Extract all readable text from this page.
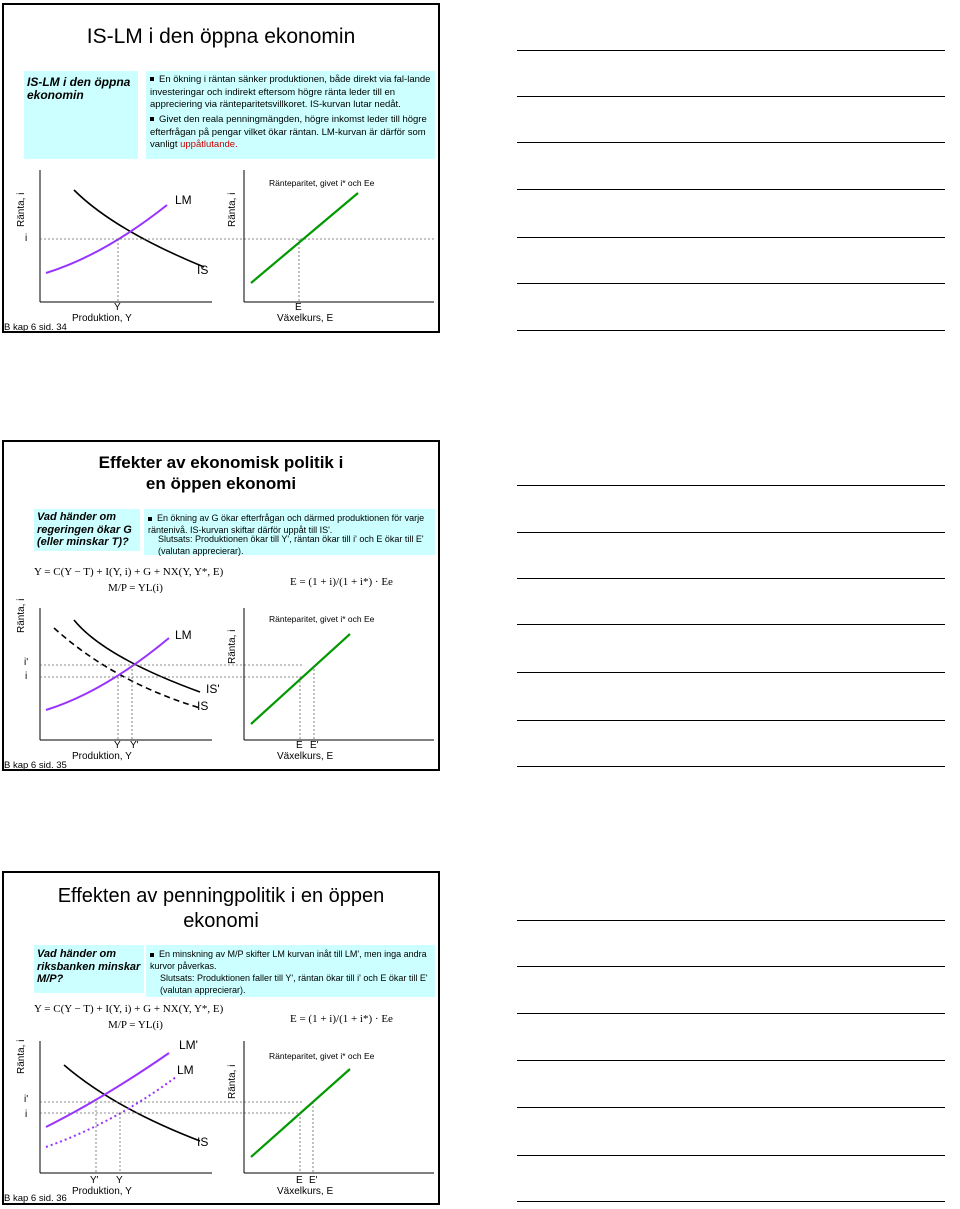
IS-LM i den öppna ekonomin
IS-LM i den öppna ekonomin
En ökning i räntan sänker produktionen, både direkt via fal-lande investeringar och indirekt eftersom högre ränta leder till en appreciering via ränteparitetsvillkoret. IS-kurvan lutar nedåt.
Givet den reala penningmängden, högre inkomst leder till högre efterfrågan på pengar vilket ökar räntan. LM-kurvan är därför som vanligt uppåtlutande.
Ränta, i	Ränta, i
i
LM
IS
Y
Produktion, Y
E
Växelkurs, E
Ränteparitet, givet i* och Ee
B kap 6 sid. 34
Effekter av ekonomisk politik i
en öppen ekonomi
Vad händer om regeringen ökar G (eller minskar T)?
En ökning av G ökar efterfrågan och därmed produktionen för varje räntenivå. IS-kurvan skiftar därför uppåt till IS'.
Slutsats: Produktionen ökar till Y', räntan ökar till i' och E ökar till E' (valutan apprecierar).
Y = C(Y − T) + I(Y, i) + G + NX(Y, Y*, E)
M/P = YL(i)	E = (1 + i)/(1 + i*) · Ee
Ränta, i
Ränta, i
i'
i
LM
IS'
IS
Y Y'
Produktion, Y
E E'
Växelkurs, E
Ränteparitet, givet i* och Ee
B kap 6 sid. 35
Effekten av penningpolitik i en öppen
ekonomi
Vad händer om riksbanken minskar M/P?
En minskning av M/P skifter LM kurvan inåt till LM', men inga andra kurvor påverkas.
Slutsats: Produktionen faller till Y', räntan ökar till i' och E ökar till E' (valutan apprecierar).
Y = C(Y − T) + I(Y, i) + G + NX(Y, Y*, E)
M/P = YL(i)	E = (1 + i)/(1 + i*) · Ee
Ränta, i
Ränta, i
i'
i
LM'
LM
IS
Y' Y
Produktion, Y
E E'
Växelkurs, E
Ränteparitet, givet i* och Ee
B kap 6 sid. 36
